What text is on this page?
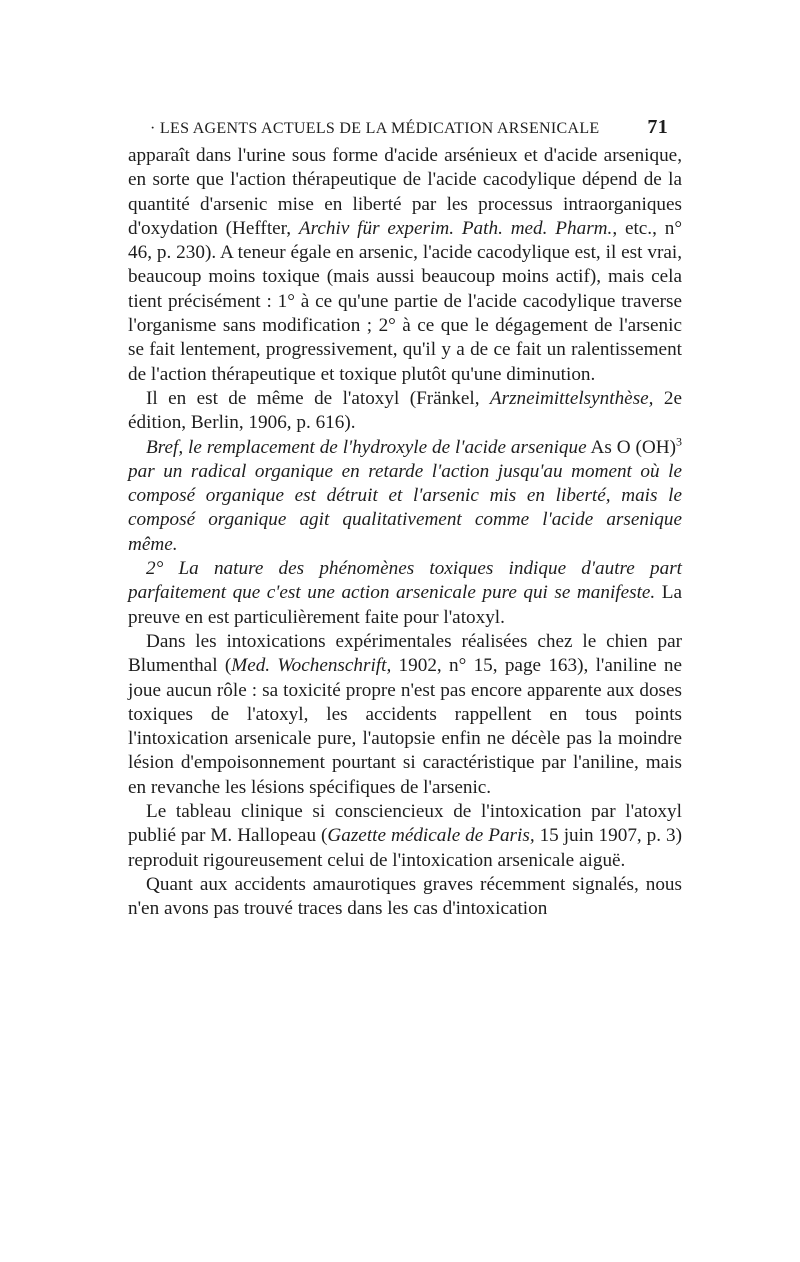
· LES AGENTS ACTUELS DE LA MÉDICATION ARSENICALE 71

apparaît dans l'urine sous forme d'acide arsénieux et d'acide arsenique, en sorte que l'action thérapeutique de l'acide cacodylique dépend de la quantité d'arsenic mise en liberté par les processus intraorganiques d'oxydation (Heffter, Archiv für experim. Path. med. Pharm., etc., n° 46, p. 230). A teneur égale en arsenic, l'acide cacodylique est, il est vrai, beaucoup moins toxique (mais aussi beaucoup moins actif), mais cela tient précisément : 1° à ce qu'une partie de l'acide cacodylique traverse l'organisme sans modification ; 2° à ce que le dégagement de l'arsenic se fait lentement, progressivement, qu'il y a de ce fait un ralentissement de l'action thérapeutique et toxique plutôt qu'une diminution.

Il en est de même de l'atoxyl (Fränkel, Arzneimittelsynthèse, 2e édition, Berlin, 1906, p. 616).

Bref, le remplacement de l'hydroxyle de l'acide arsenique As O (OH)$^3$ par un radical organique en retarde l'action jusqu'au moment où le composé organique est détruit et l'arsenic mis en liberté, mais le composé organique agit qualitativement comme l'acide arsenique même.

2° La nature des phénomènes toxiques indique d'autre part parfaitement que c'est une action arsenicale pure qui se manifeste. La preuve en est particulièrement faite pour l'atoxyl.

Dans les intoxications expérimentales réalisées chez le chien par Blumenthal (Med. Wochenschrift, 1902, n° 15, page 163), l'aniline ne joue aucun rôle : sa toxicité propre n'est pas encore apparente aux doses toxiques de l'atoxyl, les accidents rappellent en tous points l'intoxication arsenicale pure, l'autopsie enfin ne décèle pas la moindre lésion d'empoisonnement pourtant si caractéristique par l'aniline, mais en revanche les lésions spécifiques de l'arsenic.

Le tableau clinique si consciencieux de l'intoxication par l'atoxyl publié par M. Hallopeau (Gazette médicale de Paris, 15 juin 1907, p. 3) reproduit rigoureusement celui de l'intoxication arsenicale aiguë.

Quant aux accidents amaurotiques graves récemment signalés, nous n'en avons pas trouvé traces dans les cas d'intoxication
